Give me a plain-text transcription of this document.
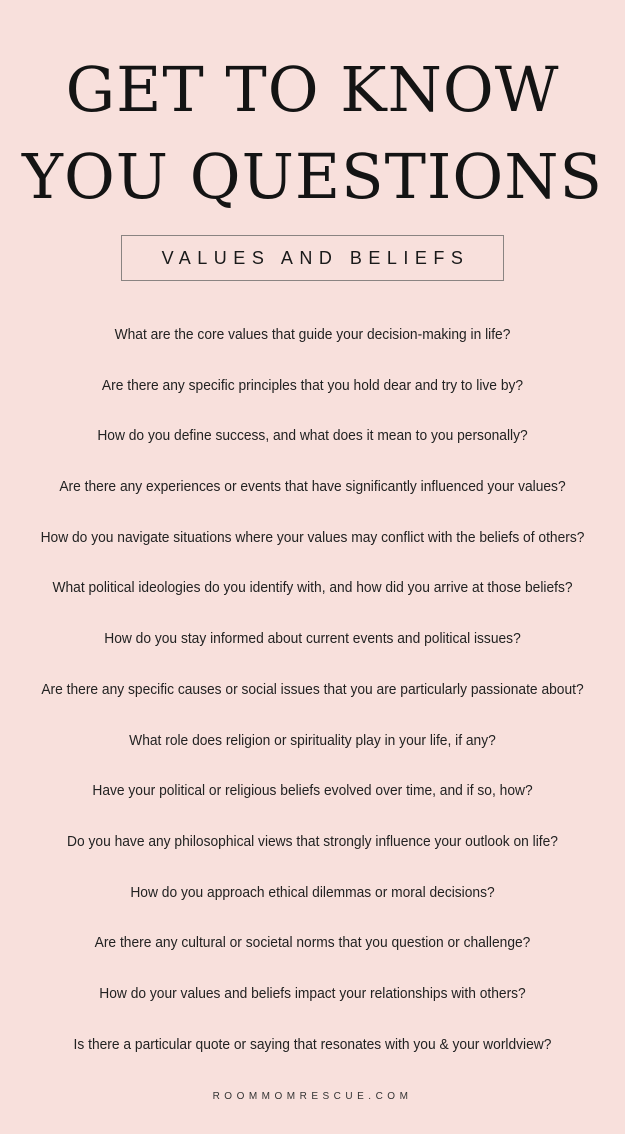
GET TO KNOW
YOU QUESTIONS
VALUES AND BELIEFS
What are the core values that guide your decision-making in life?
Are there any specific principles that you hold dear and try to live by?
How do you define success, and what does it mean to you personally?
Are there any experiences or events that have significantly influenced your values?
How do you navigate situations where your values may conflict with the beliefs of others?
What political ideologies do you identify with, and how did you arrive at those beliefs?
How do you stay informed about current events and political issues?
Are there any specific causes or social issues that you are particularly passionate about?
What role does religion or spirituality play in your life, if any?
Have your political or religious beliefs evolved over time, and if so, how?
Do you have any philosophical views that strongly influence your outlook on life?
How do you approach ethical dilemmas or moral decisions?
Are there any cultural or societal norms that you question or challenge?
How do your values and beliefs impact your relationships with others?
Is there a particular quote or saying that resonates with you & your worldview?
ROOMMOMRESCUE.COM
